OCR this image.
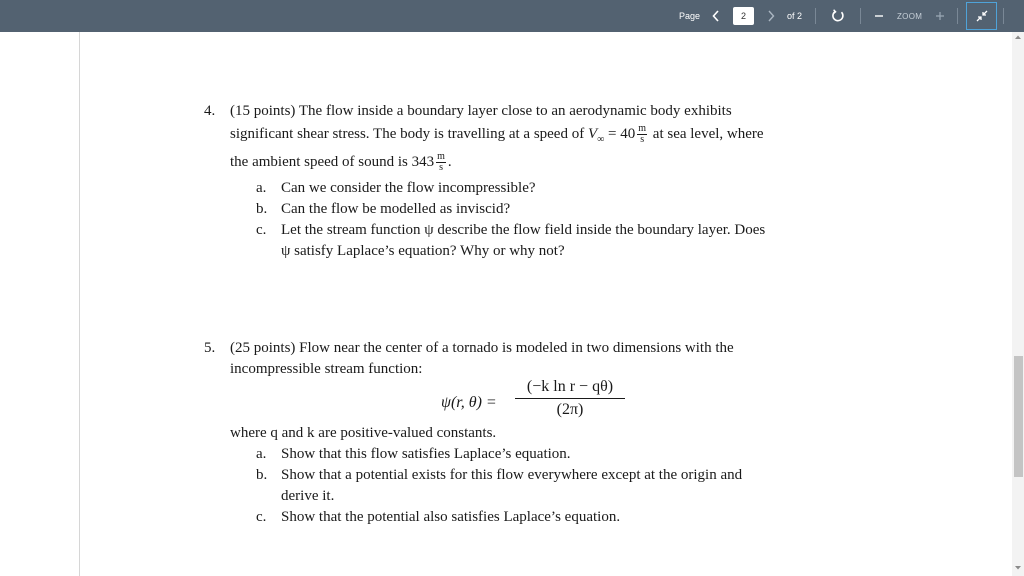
Page	2	of 2	ZOOM
4. (15 points) The flow inside a boundary layer close to an aerodynamic body exhibits
significant shear stress. The body is travelling at a speed of $V_\infty = 40 \frac{m}{s}$ at sea level, where
the ambient speed of sound is $343 \frac{m}{s}$ .
a. Can we consider the flow incompressible?
b. Can the flow be modelled as inviscid?
c. Let the stream function ψ describe the flow field inside the boundary layer. Does
ψ satisfy Laplace’s equation? Why or why not?
5. (25 points) Flow near the center of a tornado is modeled in two dimensions with the
incompressible stream function:
ψ(r, $\theta) = \frac{\text{(−k ln r − qθ)}}{(2\pi)}$
where q and k are positive-valued constants.
a. Show that this flow satisfies Laplace’s equation.
b. Show that a potential exists for this flow everywhere except at the origin and
derive it.
c. Show that the potential also satisfies Laplace’s equation.
